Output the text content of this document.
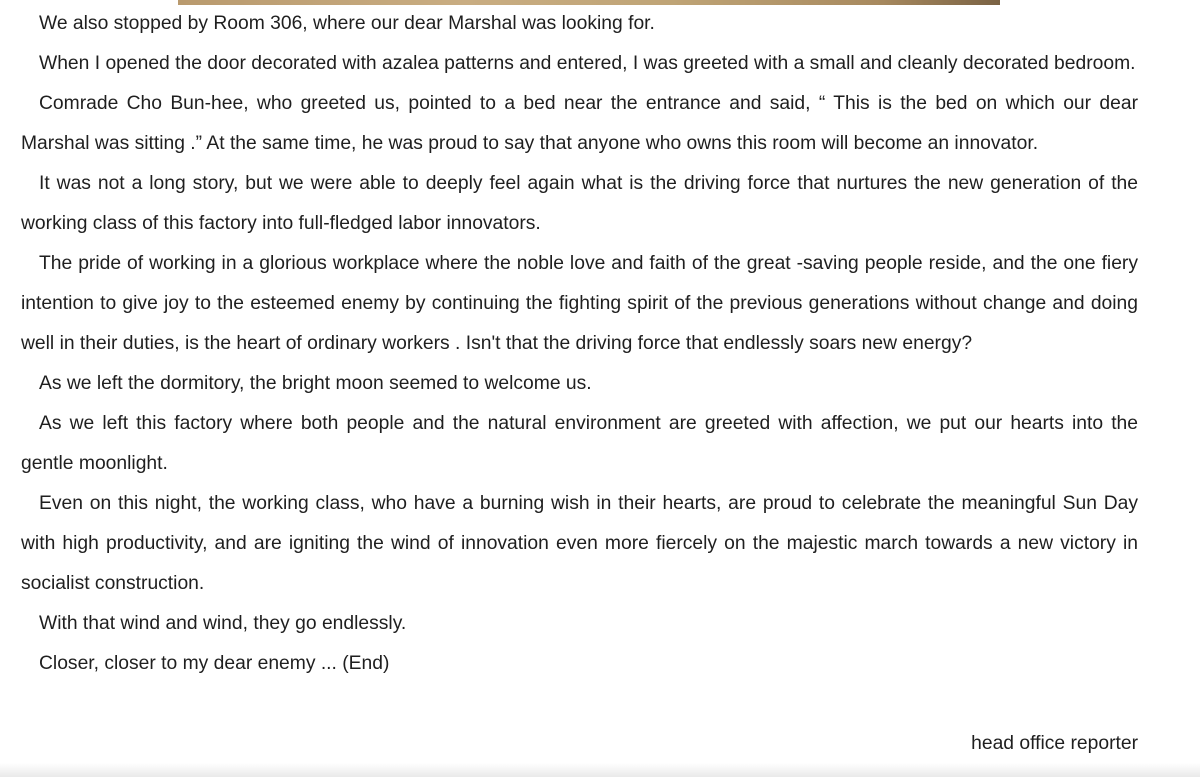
We also stopped by Room 306, where our dear Marshal was looking for.

When I opened the door decorated with azalea patterns and entered, I was greeted with a small and cleanly decorated bedroom.

Comrade Cho Bun-hee, who greeted us, pointed to a bed near the entrance and said, “ This is the bed on which our dear Marshal was sitting .” At the same time, he was proud to say that anyone who owns this room will become an innovator.

It was not a long story, but we were able to deeply feel again what is the driving force that nurtures the new generation of the working class of this factory into full-fledged labor innovators.

The pride of working in a glorious workplace where the noble love and faith of the great -saving people reside, and the one fiery intention to give joy to the esteemed enemy by continuing the fighting spirit of the previous generations without change and doing well in their duties, is the heart of ordinary workers . Isn't that the driving force that endlessly soars new energy?

As we left the dormitory, the bright moon seemed to welcome us.

As we left this factory where both people and the natural environment are greeted with affection, we put our hearts into the gentle moonlight.

Even on this night, the working class, who have a burning wish in their hearts, are proud to celebrate the meaningful Sun Day with high productivity, and are igniting the wind of innovation even more fiercely on the majestic march towards a new victory in socialist construction.

With that wind and wind, they go endlessly.

Closer, closer to my dear enemy ... (End)

head office reporter
